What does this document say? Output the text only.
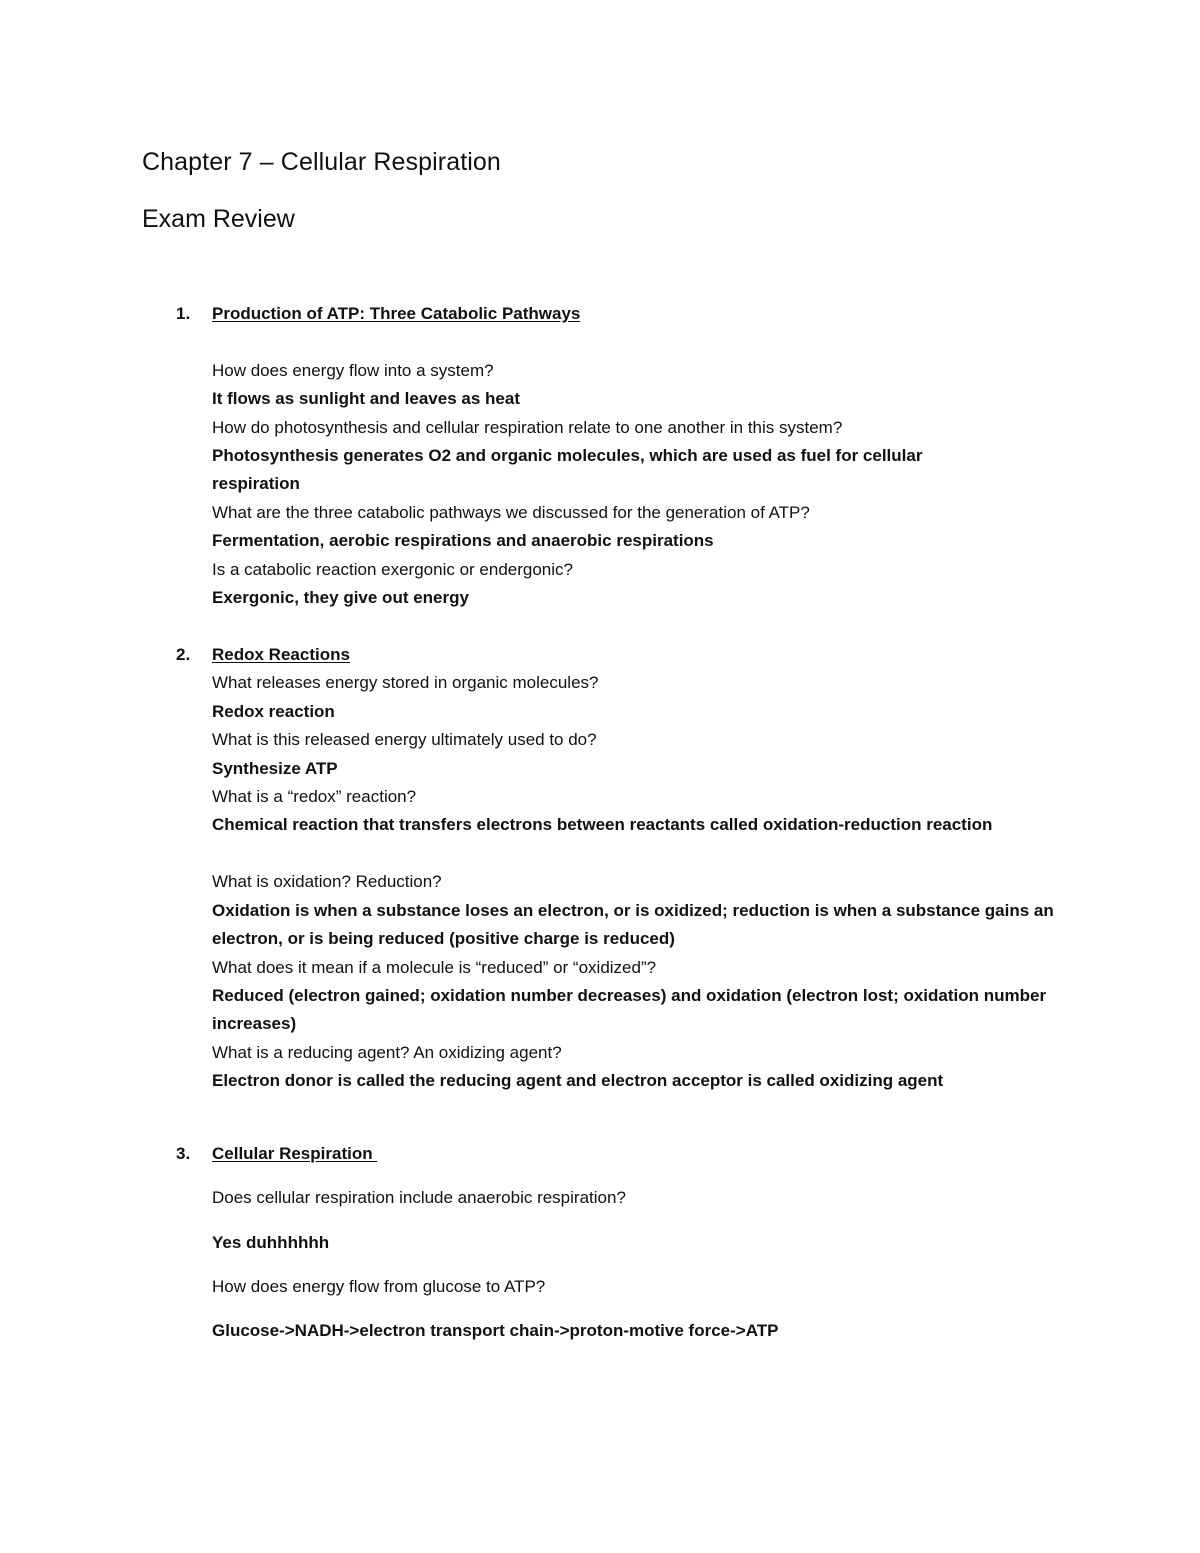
Chapter 7 – Cellular Respiration
Exam Review
1. Production of ATP: Three Catabolic Pathways
How does energy flow into a system?
It flows as sunlight and leaves as heat
How do photosynthesis and cellular respiration relate to one another in this system?
Photosynthesis generates O2 and organic molecules, which are used as fuel for cellular respiration
What are the three catabolic pathways we discussed for the generation of ATP?
Fermentation, aerobic respirations and anaerobic respirations
Is a catabolic reaction exergonic or endergonic?
Exergonic, they give out energy
2. Redox Reactions
What releases energy stored in organic molecules?
Redox reaction
What is this released energy ultimately used to do?
Synthesize ATP
What is a “redox” reaction?
Chemical reaction that transfers electrons between reactants called oxidation-reduction reaction
What is oxidation? Reduction?
Oxidation is when a substance loses an electron, or is oxidized; reduction is when a substance gains an electron, or is being reduced (positive charge is reduced)
What does it mean if a molecule is “reduced” or “oxidized”?
Reduced (electron gained; oxidation number decreases) and oxidation (electron lost; oxidation number increases)
What is a reducing agent? An oxidizing agent?
Electron donor is called the reducing agent and electron acceptor is called oxidizing agent
3. Cellular Respiration
Does cellular respiration include anaerobic respiration?
Yes duhhhhhh
How does energy flow from glucose to ATP?
Glucose->NADH->electron transport chain->proton-motive force->ATP
